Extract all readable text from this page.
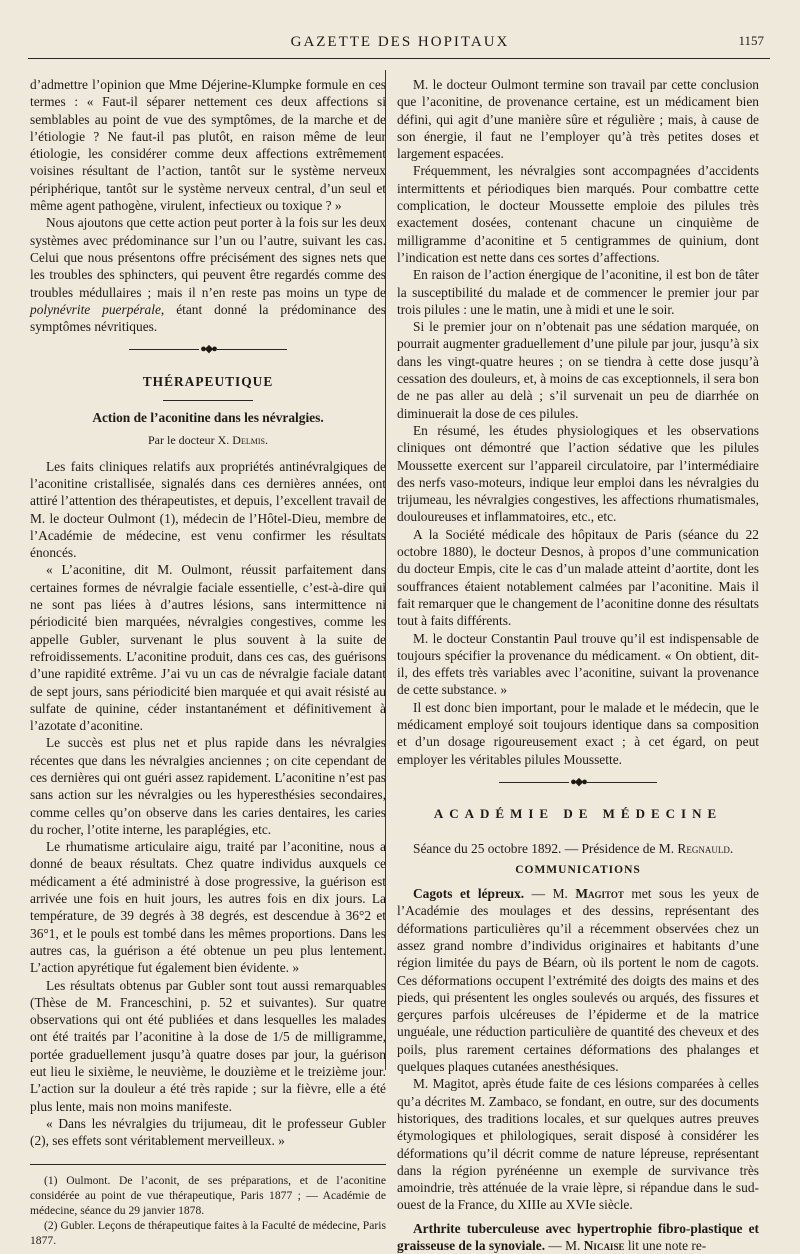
GAZETTE DES HOPITAUX	1157

d’admettre l’opinion que Mme Déjerine-Klumpke formule en ces termes : « Faut-il séparer nettement ces deux affections si semblables au point de vue des symptômes, de la marche et de l’étiologie ? Ne faut-il pas plutôt, en raison même de leur étiologie, les considérer comme deux affections extrêmement voisines résultant de l’action, tantôt sur le système nerveux périphérique, tantôt sur le système nerveux central, d’un seul et même agent pathogène, virulent, infectieux ou toxique ? »

Nous ajoutons que cette action peut porter à la fois sur les deux systèmes avec prédominance sur l’un ou l’autre, suivant les cas. Celui que nous présentons offre précisément des signes nets que les troubles des sphincters, qui peuvent être regardés comme des troubles médullaires ; mais il n’en reste pas moins un type de polynévrite puerpérale, étant donné la prédominance des symptômes névritiques.

●◆●
THÉRAPEUTIQUE
Action de l’aconitine dans les névralgies.
Par le docteur X. Delmis.

Les faits cliniques relatifs aux propriétés antinévralgiques de l’aconitine cristallisée, signalés dans ces dernières années, ont attiré l’attention des thérapeutistes, et depuis, l’excellent travail de M. le docteur Oulmont (1), médecin de l’Hôtel-Dieu, membre de l’Académie de médecine, est venu confirmer les résultats énoncés.

« L’aconitine, dit M. Oulmont, réussit parfaitement dans certaines formes de névralgie faciale essentielle, c’est-à-dire qui ne sont pas liées à d’autres lésions, sans intermittence ni périodicité bien marquées, névralgies congestives, comme les appelle Gubler, survenant le plus souvent à la suite de refroidissements. L’aconitine produit, dans ces cas, des guérisons d’une rapidité extrême. J’ai vu un cas de névralgie faciale datant de sept jours, sans périodicité bien marquée et qui avait résisté au sulfate de quinine, céder instantanément et définitivement à l’azotate d’aconitine.

Le succès est plus net et plus rapide dans les névralgies récentes que dans les névralgies anciennes ; on cite cependant de ces dernières qui ont guéri assez rapidement. L’aconitine n’est pas sans action sur les névralgies ou les hyperesthésies secondaires, comme celles qu’on observe dans les caries dentaires, les caries du rocher, l’otite interne, les paraplégies, etc.

Le rhumatisme articulaire aigu, traité par l’aconitine, nous a donné de beaux résultats. Chez quatre individus auxquels ce médicament a été administré à dose progressive, la guérison est arrivée une fois en huit jours, les autres fois en dix jours. La température, de 39 degrés à 38 degrés, est descendue à 36°2 et 36°1, et le pouls est tombé dans les mêmes proportions. Dans les autres cas, la guérison a été obtenue un peu plus lentement. L’action apyrétique fut également bien évidente. »

Les résultats obtenus par Gubler sont tout aussi remarquables (Thèse de M. Franceschini, p. 52 et suivantes). Sur quatre observations qui ont été publiées et dans lesquelles les malades ont été traités par l’aconitine à la dose de 1/5 de milligramme, portée graduellement jusqu’à quatre doses par jour, la guérison eut lieu le sixième, le neuvième, le douzième et le treizième jour. L’action sur la douleur a été très rapide ; sur la fièvre, elle a été plus lente, mais non moins manifeste.

« Dans les névralgies du trijumeau, dit le professeur Gubler (2), ses effets sont véritablement merveilleux. »

(1) Oulmont. De l’aconit, de ses préparations, et de l’aconitine considérée au point de vue thérapeutique, Paris 1877 ; — Académie de médecine, séance du 29 janvier 1878.

(2) Gubler. Leçons de thérapeutique faites à la Faculté de médecine, Paris 1877.

M. le docteur Oulmont termine son travail par cette conclusion que l’aconitine, de provenance certaine, est un médicament bien défini, qui agit d’une manière sûre et régulière ; mais, à cause de son énergie, il faut ne l’employer qu’à très petites doses et largement espacées.

Fréquemment, les névralgies sont accompagnées d’accidents intermittents et périodiques bien marqués. Pour combattre cette complication, le docteur Moussette emploie des pilules très exactement dosées, contenant chacune un cinquième de milligramme d’aconitine et 5 centigrammes de quinium, dont l’indication est nette dans ces sortes d’affections.

En raison de l’action énergique de l’aconitine, il est bon de tâter la susceptibilité du malade et de commencer le premier jour par trois pilules : une le matin, une à midi et une le soir.

Si le premier jour on n’obtenait pas une sédation marquée, on pourrait augmenter graduellement d’une pilule par jour, jusqu’à six dans les vingt-quatre heures ; on se tiendra à cette dose jusqu’à cessation des douleurs, et, à moins de cas exceptionnels, il sera bon de ne pas aller au delà ; s’il survenait un peu de diarrhée on diminuerait la dose de ces pilules.

En résumé, les études physiologiques et les observations cliniques ont démontré que l’action sédative que les pilules Moussette exercent sur l’appareil circulatoire, par l’intermédiaire des nerfs vaso-moteurs, indique leur emploi dans les névralgies du trijumeau, les névralgies congestives, les affections rhumatismales, douloureuses et inflammatoires, etc., etc.

A la Société médicale des hôpitaux de Paris (séance du 22 octobre 1880), le docteur Desnos, à propos d’une communication du docteur Empis, cite le cas d’un malade atteint d’aortite, dont les souffrances étaient notablement calmées par l’aconitine. Mais il fait remarquer que le changement de l’aconitine donne des résultats tout à faits différents.

M. le docteur Constantin Paul trouve qu’il est indispensable de toujours spécifier la provenance du médicament. « On obtient, dit-il, des effets très variables avec l’aconitine, suivant la provenance de cette substance. »

Il est donc bien important, pour le malade et le médecin, que le médicament employé soit toujours identique dans sa composition et d’un dosage rigoureusement exact ; à cet égard, on peut employer les véritables pilules Moussette.

●◆●
ACADÉMIE DE MÉDECINE

Séance du 25 octobre 1892. — Présidence de M. Regnauld.

COMMUNICATIONS

Cagots et lépreux. — M. Magitot met sous les yeux de l’Académie des moulages et des dessins, représentant des déformations particulières qu’il a récemment observées chez un assez grand nombre d’individus originaires et habitants d’une région limitée du pays de Béarn, où ils portent le nom de cagots. Ces déformations occupent l’extrémité des doigts des mains et des pieds, qui présentent les ongles soulevés ou arqués, des fissures et gerçures parfois ulcéreuses de l’épiderme et de la matrice unguéale, une réduction particulière de quantité des cheveux et des poils, plus rarement certaines déformations des phalanges et quelques plaques cutanées anesthésiques.

M. Magitot, après étude faite de ces lésions comparées à celles qu’a décrites M. Zambaco, se fondant, en outre, sur des documents historiques, des traditions locales, et sur quelques autres preuves étymologiques et philologiques, serait disposé à considérer les déformations qu’il décrit comme de nature lépreuse, représentant dans la région pyrénéenne un exemple de survivance très amoindrie, très atténuée de la vraie lèpre, si répandue dans le sud-ouest de la France, du XIIIe au XVIe siècle.

Arthrite tuberculeuse avec hypertrophie fibro-plastique et graisseuse de la synoviale. — M. Nicaise lit une note re-
